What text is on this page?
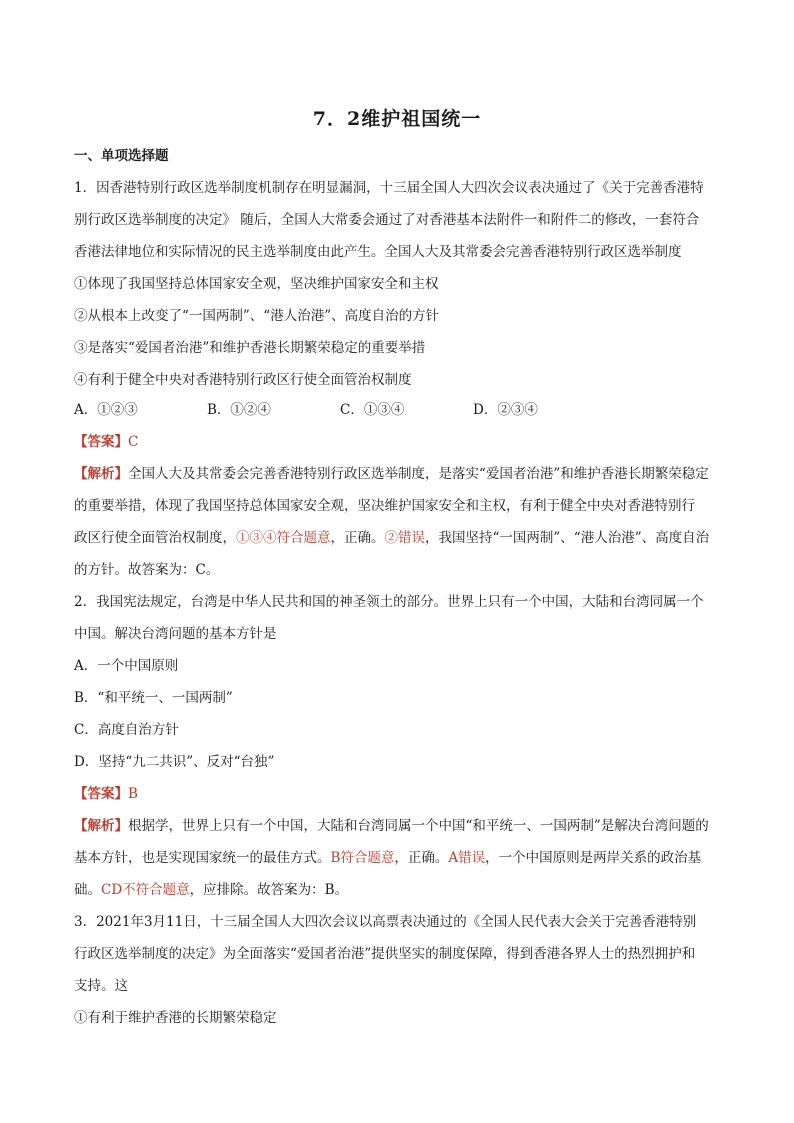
7．2维护祖国统一
一、单项选择题
1．因香港特别行政区选举制度机制存在明显漏洞，十三届全国人大四次会议表决通过了《关于完善香港特
别行政区选举制度的决定》 随后，全国人大常委会通过了对香港基本法附件一和附件二的修改，一套符合
香港法律地位和实际情况的民主选举制度由此产生。全国人大及其常委会完善香港特别行政区选举制度
①体现了我国坚持总体国家安全观，坚决维护国家安全和主权
②从根本上改变了“一国两制”、“港人治港”、高度自治的方针
③是落实“爱国者治港”和维护香港长期繁荣稳定的重要举措
④有利于健全中央对香港特别行政区行使全面管治权制度
A．①②③	B．①②④	C．①③④	D．②③④
【答案】C
【解析】全国人大及其常委会完善香港特别行政区选举制度，是落实“爱国者治港”和维护香港长期繁荣稳定
的重要举措，体现了我国坚持总体国家安全观，坚决维护国家安全和主权，有利于健全中央对香港特别行
政区行使全面管治权制度，①③④符合题意，正确。②错误，我国坚持“一国两制”、“港人治港”、高度自治
的方针。故答案为：C。
2．我国宪法规定，台湾是中华人民共和国的神圣领土的部分。世界上只有一个中国，大陆和台湾同属一个
中国。解决台湾问题的基本方针是
A．一个中国原则
B．“和平统一、一国两制”
C．高度自治方针
D．坚持“九二共识”、反对“台独”
【答案】B
【解析】根据学，世界上只有一个中国，大陆和台湾同属一个中国“和平统一、一国两制”是解决台湾问题的
基本方针，也是实现国家统一的最佳方式。B符合题意，正确。A错误，一个中国原则是两岸关系的政治基
础。CD不符合题意，应排除。故答案为：B。
3．2021年3月11日，十三届全国人大四次会议以高票表决通过的《全国人民代表大会关于完善香港特别
行政区选举制度的决定》为全面落实“爱国者治港”提供坚实的制度保障，得到香港各界人士的热烈拥护和
支持。这
①有利于维护香港的长期繁荣稳定
